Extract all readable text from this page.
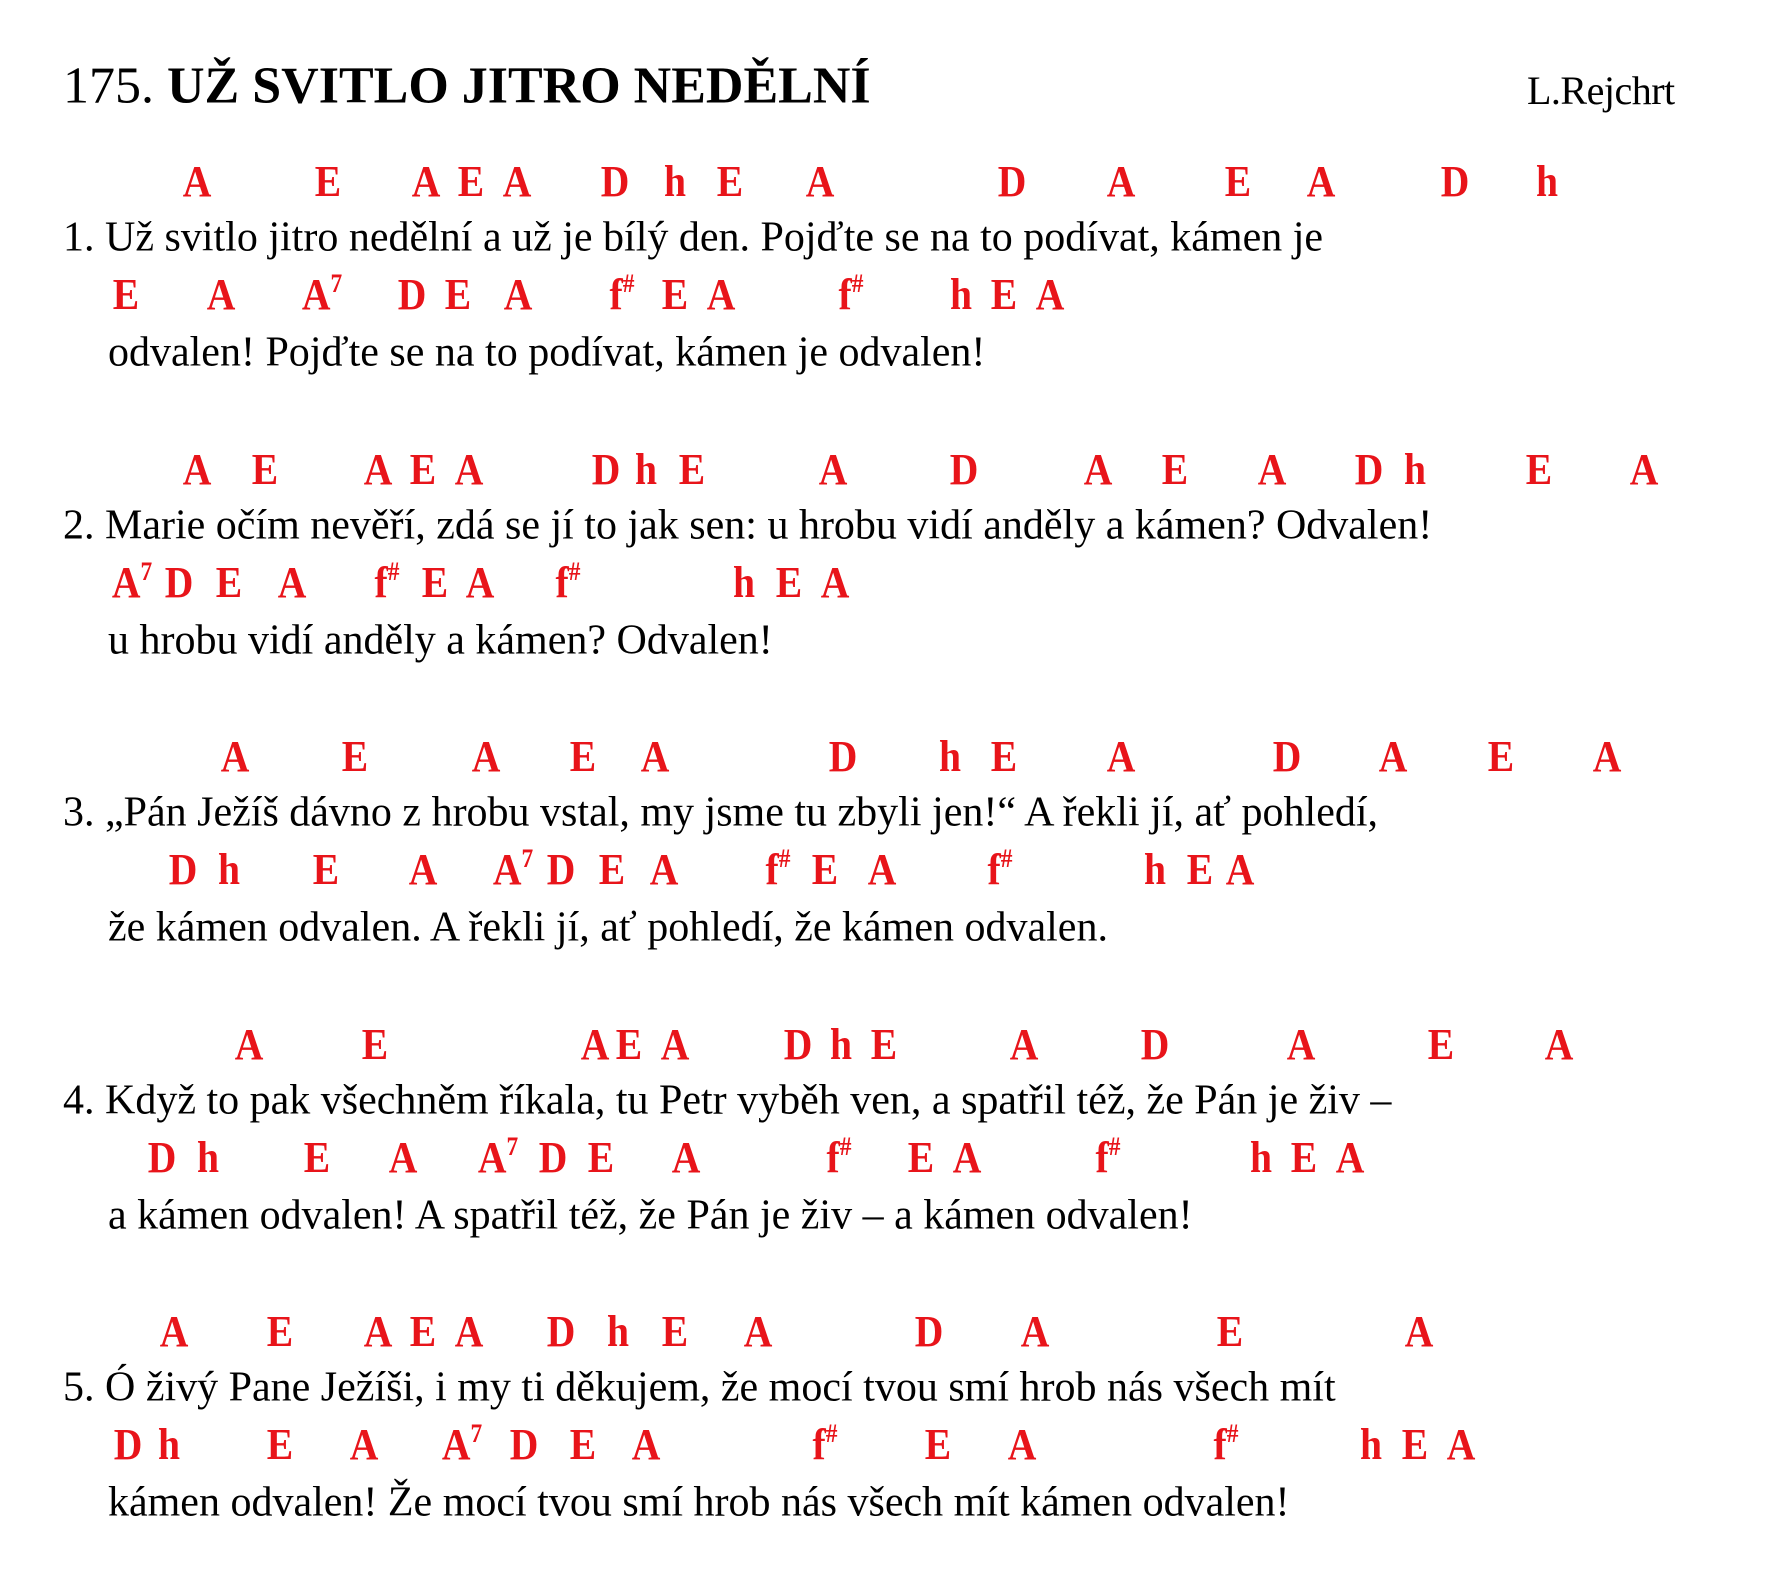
175. UŽ SVITLO JITRO NEDĚLNÍ	L.Rejchrt
A E A E A D h E A	D A E A D h
1. Už svitlo jitro nedělní a už je bílý den. Pojďte se na to podívat, kámen je
E A $A^7$ D E A f# E A f# h E A
odvalen! Pojďte se na to podívat, kámen je odvalen!
A E A E A D h E	A D A E A D h E A
2. Marie očím nevěří, zdá se jí to jak sen: u hrobu vidí anděly a kámen? Odvalen!
$A^7$ D E A f# E A f#	h E A
u hrobu vidí anděly a kámen? Odvalen!
A E A E A	D h E A	D A E A
3. „Pán Ježíš dávno z hrobu vstal, my jsme tu zbyli jen!“ A řekli jí, ať pohledí,
D h E A $A^7$ D E A f# E A f#	h E A
že kámen odvalen. A řekli jí, ať pohledí, že kámen odvalen.
A E	A E A D h E	A D	A	E A
4. Když to pak všechněm říkala, tu Petr vyběh ven, a spatřil též, že Pán je živ –
D h E A $A^7$ D E A	f# E A	f#	h E A
a kámen odvalen! A spatřil též, že Pán je živ – a kámen odvalen!
A E A E A D h E A	D A	E	A
5. Ó živý Pane Ježíši, i my ti děkujem, že mocí tvou smí hrob nás všech mít
D h E A $A^7$ D E A	f# E A	f#	h E A
kámen odvalen! Že mocí tvou smí hrob nás všech mít kámen odvalen!
